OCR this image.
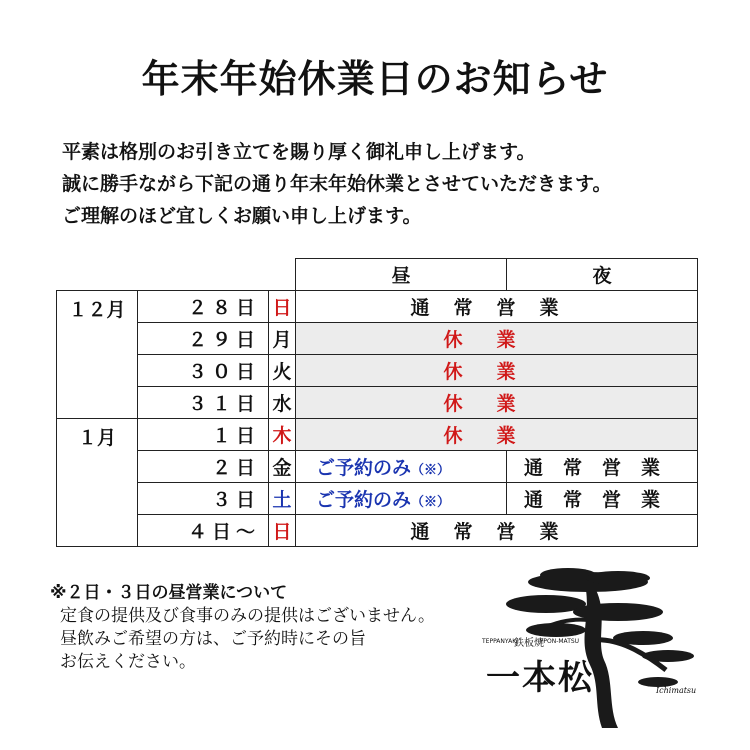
年末年始休業日のお知らせ
平素は格別のお引き立てを賜り厚く御礼申し上げます。
誠に勝手ながら下記の通り年末年始休業とさせていただきます。
ご理解のほど宜しくお願い申し上げます。
			昼	夜
１２月	２８日	日	通常営業	
	２９日	月	休業	
	３０日	火	休業	
	３１日	水	休業	
１月	１日	木	休業	
	２日	金	ご予約のみ（※）	通常営業
	３日	土	ご予約のみ（※）	通常営業
	４日～	日	通常営業	
※２日・３日の昼営業について
定食の提供及び食事のみの提供はございません。
昼飲みご希望の方は、ご予約時にその旨
お伝えください。
TEPPANYAKI
鉄板焼
IPPON-MATSU
一本松	Ichimatsu
